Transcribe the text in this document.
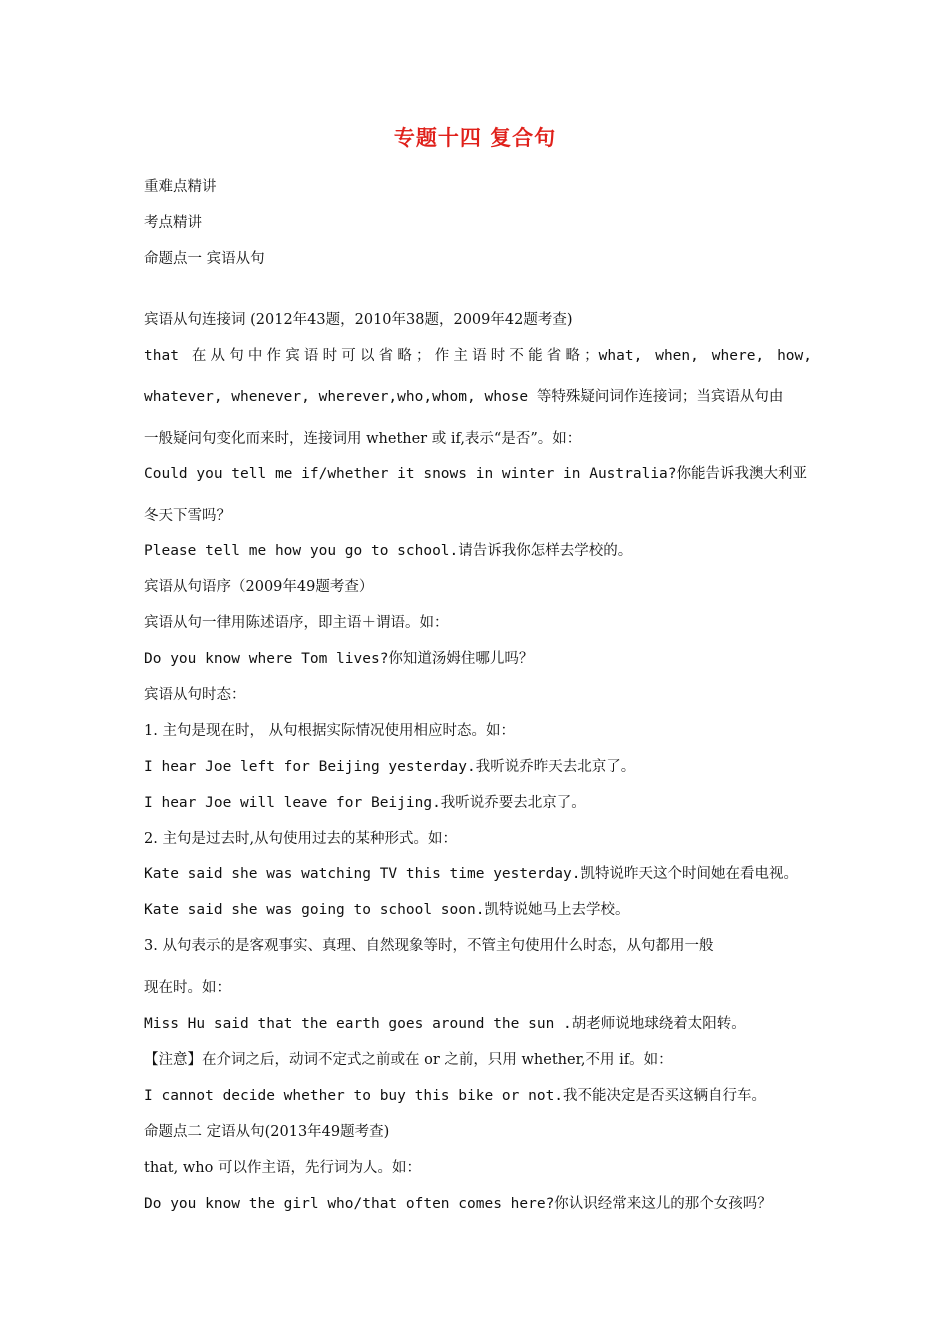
专题十四 复合句
重难点精讲
考点精讲
命题点一 宾语从句
宾语从句连接词 (2012年43题，2010年38题，2009年42题考查)
that 在从句中作宾语时可以省略；作主语时不能省略；what, when, where, how,
whatever, whenever, wherever,who,whom, whose 等特殊疑问词作连接词；当宾语从句由
一般疑问句变化而来时，连接词用 whether 或 if,表示“是否”。如：
Could you tell me if/whether it snows in winter in Australia?你能告诉我澳大利亚
冬天下雪吗？
Please tell me how you go to school.请告诉我你怎样去学校的。
宾语从句语序（2009年49题考查）
宾语从句一律用陈述语序，即主语＋谓语。如：
Do you know where Tom lives?你知道汤姆住哪儿吗？
宾语从句时态：
1. 主句是现在时， 从句根据实际情况使用相应时态。如：
I hear Joe left for Beijing yesterday.我听说乔昨天去北京了。
I hear Joe will leave for Beijing.我听说乔要去北京了。
2. 主句是过去时,从句使用过去的某种形式。如：
Kate said she was watching TV this time yesterday.凯特说昨天这个时间她在看电视。
Kate said she was going to school soon.凯特说她马上去学校。
3. 从句表示的是客观事实、真理、自然现象等时，不管主句使用什么时态，从句都用一般
现在时。如：
Miss Hu said that the earth goes around the sun .胡老师说地球绕着太阳转。
【注意】在介词之后，动词不定式之前或在 or 之前，只用 whether,不用 if。如：
I cannot decide whether to buy this bike or not.我不能决定是否买这辆自行车。
命题点二 定语从句(2013年49题考查)
that, who 可以作主语，先行词为人。如：
Do you know the girl who/that often comes here?你认识经常来这儿的那个女孩吗？
